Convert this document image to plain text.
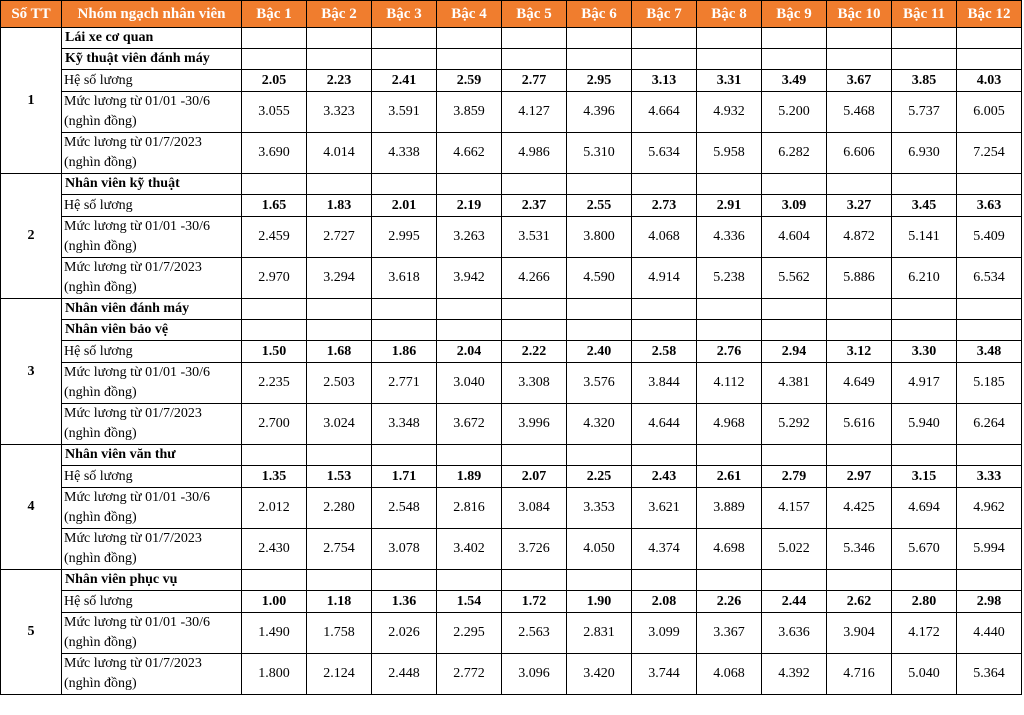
Số TT	Nhóm ngạch nhân viên	Bậc 1	Bậc 2	Bậc 3	Bậc 4	Bậc 5	Bậc 6	Bậc 7	Bậc 8	Bậc 9	Bậc 10	Bậc 11	Bậc 12
1	Lái xe cơ quan												
	Kỹ thuật viên đánh máy												
	Hệ số lương	2.05	2.23	2.41	2.59	2.77	2.95	3.13	3.31	3.49	3.67	3.85	4.03
	Mức lương từ 01/01 -30/6 (nghìn đồng)	3.055	3.323	3.591	3.859	4.127	4.396	4.664	4.932	5.200	5.468	5.737	6.005
	Mức lương từ 01/7/2023 (nghìn đồng)	3.690	4.014	4.338	4.662	4.986	5.310	5.634	5.958	6.282	6.606	6.930	7.254
2	Nhân viên kỹ thuật												
	Hệ số lương	1.65	1.83	2.01	2.19	2.37	2.55	2.73	2.91	3.09	3.27	3.45	3.63
	Mức lương từ 01/01 -30/6 (nghìn đồng)	2.459	2.727	2.995	3.263	3.531	3.800	4.068	4.336	4.604	4.872	5.141	5.409
	Mức lương từ 01/7/2023 (nghìn đồng)	2.970	3.294	3.618	3.942	4.266	4.590	4.914	5.238	5.562	5.886	6.210	6.534
3	Nhân viên đánh máy												
	Nhân viên bảo vệ												
	Hệ số lương	1.50	1.68	1.86	2.04	2.22	2.40	2.58	2.76	2.94	3.12	3.30	3.48
	Mức lương từ 01/01 -30/6 (nghìn đồng)	2.235	2.503	2.771	3.040	3.308	3.576	3.844	4.112	4.381	4.649	4.917	5.185
	Mức lương từ 01/7/2023 (nghìn đồng)	2.700	3.024	3.348	3.672	3.996	4.320	4.644	4.968	5.292	5.616	5.940	6.264
4	Nhân viên văn thư												
	Hệ số lương	1.35	1.53	1.71	1.89	2.07	2.25	2.43	2.61	2.79	2.97	3.15	3.33
	Mức lương từ 01/01 -30/6 (nghìn đồng)	2.012	2.280	2.548	2.816	3.084	3.353	3.621	3.889	4.157	4.425	4.694	4.962
	Mức lương từ 01/7/2023 (nghìn đồng)	2.430	2.754	3.078	3.402	3.726	4.050	4.374	4.698	5.022	5.346	5.670	5.994
5	Nhân viên phục vụ												
	Hệ số lương	1.00	1.18	1.36	1.54	1.72	1.90	2.08	2.26	2.44	2.62	2.80	2.98
	Mức lương từ 01/01 -30/6 (nghìn đồng)	1.490	1.758	2.026	2.295	2.563	2.831	3.099	3.367	3.636	3.904	4.172	4.440
	Mức lương từ 01/7/2023 (nghìn đồng)	1.800	2.124	2.448	2.772	3.096	3.420	3.744	4.068	4.392	4.716	5.040	5.364
